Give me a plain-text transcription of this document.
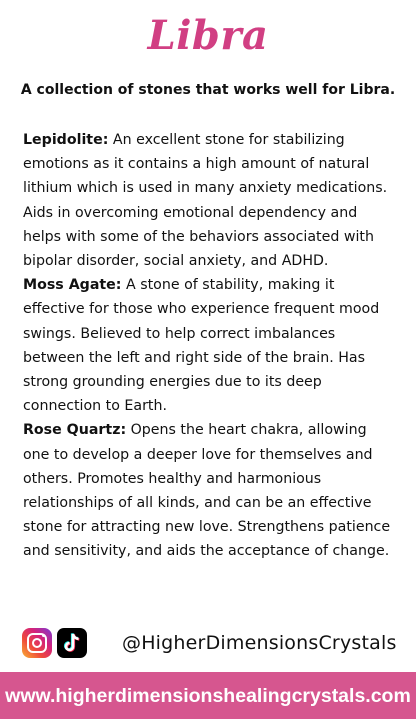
Libra
A collection of stones that works well for Libra.

Lepidolite: An excellent stone for stabilizing emotions as it contains a high amount of natural lithium which is used in many anxiety medications. Aids in overcoming emotional dependency and helps with some of the behaviors associated with bipolar disorder, social anxiety, and ADHD.

Moss Agate: A stone of stability, making it effective for those who experience frequent mood swings. Believed to help correct imbalances between the left and right side of the brain. Has strong grounding energies due to its deep connection to Earth.

Rose Quartz: Opens the heart chakra, allowing one to develop a deeper love for themselves and others. Promotes healthy and harmonious relationships of all kinds, and can be an effective stone for attracting new love. Strengthens patience and sensitivity, and aids the acceptance of change.

@HigherDimensionsCrystals
www.higherdimensionshealingcrystals.com
